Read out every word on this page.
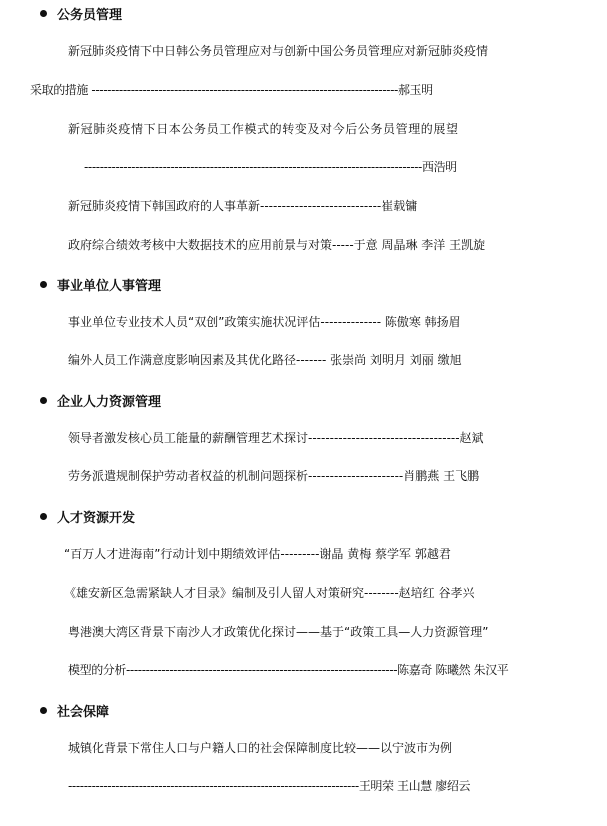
公务员管理
新冠肺炎疫情下中日韩公务员管理应对与创新中国公务员管理应对新冠肺炎疫情
采取的措施 ------------------------------------------------------------------------------郝玉明
新冠肺炎疫情下日本公务员工作模式的转变及对今后公务员管理的展望
--------------------------------------------------------------------------------------西浩明
新冠肺炎疫情下韩国政府的人事革新----------------------------崔载镛
政府综合绩效考核中大数据技术的应用前景与对策-----于意 周晶琳 李洋 王凯旋
事业单位人事管理
事业单位专业技术人员“双创”政策实施状况评估-------------- 陈傲寒 韩扬眉
编外人员工作满意度影响因素及其优化路径------- 张崇尚 刘明月 刘丽 缴旭
企业人力资源管理
领导者激发核心员工能量的薪酬管理艺术探讨-----------------------------------赵斌
劳务派遣规制保护劳动者权益的机制问题探析----------------------肖鹏燕 王飞鹏
人才资源开发
“百万人才进海南”行动计划中期绩效评估---------谢晶 黄梅 蔡学军 郭越君
《雄安新区急需紧缺人才目录》编制及引人留人对策研究--------赵培红 谷孝兴
粤港澳大湾区背景下南沙人才政策优化探讨——基于“政策工具—人力资源管理”
模型的分析---------------------------------------------------------------------陈嘉奇 陈曦然 朱汉平
社会保障
城镇化背景下常住人口与户籍人口的社会保障制度比较——以宁波市为例
--------------------------------------------------------------------------王明荣 王山慧 廖绍云
